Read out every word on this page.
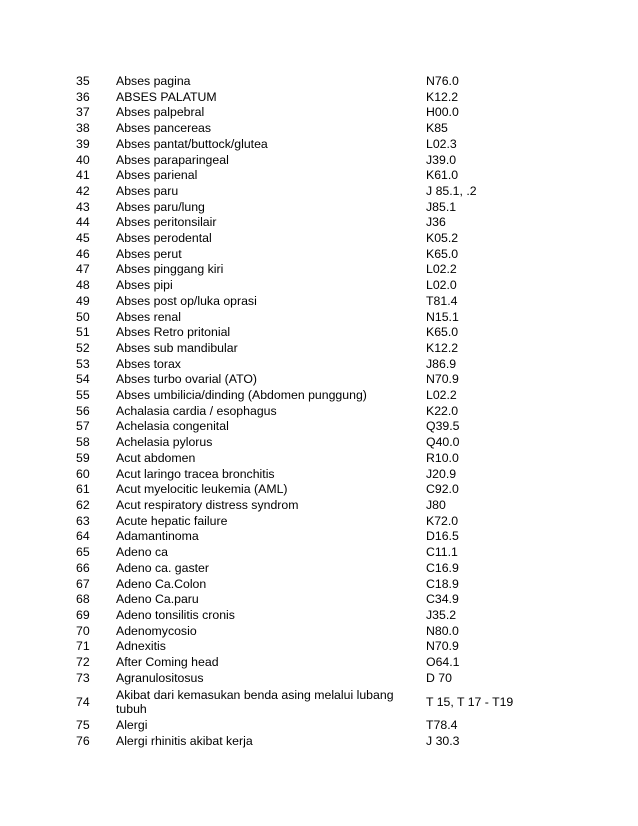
35	Abses pagina	N76.0
36	ABSES PALATUM	K12.2
37	Abses palpebral	H00.0
38	Abses pancereas	K85
39	Abses pantat/buttock/glutea	L02.3
40	Abses paraparingeal	J39.0
41	Abses parienal	K61.0
42	Abses paru	J 85.1, .2
43	Abses paru/lung	J85.1
44	Abses peritonsilair	J36
45	Abses perodental	K05.2
46	Abses perut	K65.0
47	Abses pinggang kiri	L02.2
48	Abses pipi	L02.0
49	Abses post op/luka oprasi	T81.4
50	Abses renal	N15.1
51	Abses Retro pritonial	K65.0
52	Abses sub mandibular	K12.2
53	Abses torax	J86.9
54	Abses turbo ovarial (ATO)	N70.9
55	Abses umbilicia/dinding (Abdomen punggung)	L02.2
56	Achalasia cardia / esophagus	K22.0
57	Achelasia congenital	Q39.5
58	Achelasia pylorus	Q40.0
59	Acut abdomen	R10.0
60	Acut laringo tracea bronchitis	J20.9
61	Acut myelocitic leukemia (AML)	C92.0
62	Acut respiratory distress syndrom	J80
63	Acute hepatic failure	K72.0
64	Adamantinoma	D16.5
65	Adeno ca	C11.1
66	Adeno ca. gaster	C16.9
67	Adeno Ca.Colon	C18.9
68	Adeno Ca.paru	C34.9
69	Adeno tonsilitis cronis	J35.2
70	Adenomycosio	N80.0
71	Adnexitis	N70.9
72	After Coming head	O64.1
73	Agranulositosus	D 70
74	Akibat dari kemasukan benda asing melalui lubang tubuh	T 15, T 17 - T19
75	Alergi	T78.4
76	Alergi rhinitis akibat kerja	J 30.3
